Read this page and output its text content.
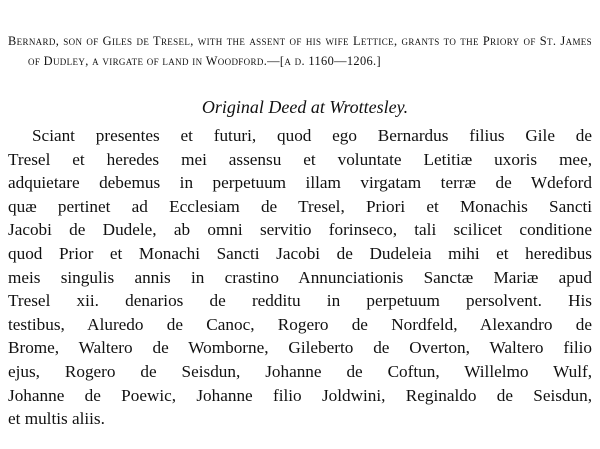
Bernard, son of Giles de Tresel, with the assent of his wife Lettice, grants to the Priory of St. James of Dudley, a virgate of land in Woodford.—[a d. 1160—1206.]
Original Deed at Wrottesley.
Sciant presentes et futuri, quod ego Bernardus filius Gile de
Tresel et heredes mei assensu et voluntate Letitiæ uxoris mee,
adquietare debemus in perpetuum illam virgatam terræ de Wdeford
quæ pertinet ad Ecclesiam de Tresel, Priori et Monachis Sancti
Jacobi de Dudele, ab omni servitio forinseco, tali scilicet conditione
quod Prior et Monachi Sancti Jacobi de Dudeleia mihi et heredibus
meis singulis annis in crastino Annunciationis Sanctæ Mariæ apud
Tresel xii. denarios de redditu in perpetuum persolvent. His
testibus, Aluredo de Canoc, Rogero de Nordfeld, Alexandro de
Brome, Waltero de Womborne, Gileberto de Overton, Waltero filio
ejus, Rogero de Seisdun, Johanne de Coftun, Willelmo Wulf,
Johanne de Poewic, Johanne filio Joldwini, Reginaldo de Seisdun,
et multis aliis.
